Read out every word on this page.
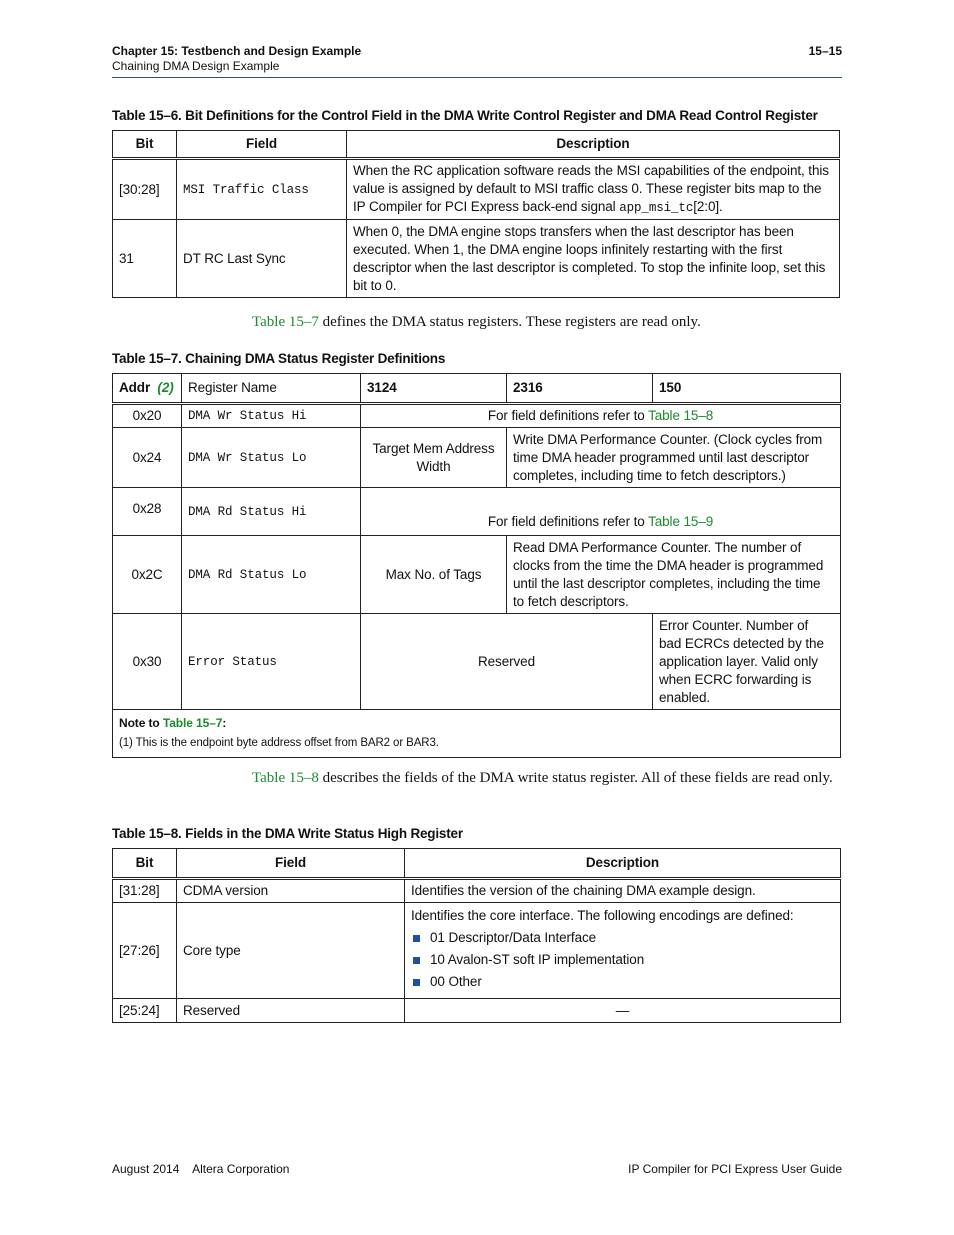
Chapter 15: Testbench and Design Example
Chaining DMA Design Example
15–15
Table 15–6. Bit Definitions for the Control Field in the DMA Write Control Register and DMA Read Control Register
Bit	Field	Description
[30:28]	MSI Traffic Class	When the RC application software reads the MSI capabilities of the endpoint, this value is assigned by default to MSI traffic class 0. These register bits map to the IP Compiler for PCI Express back-end signal app_msi_tc[2:0].
31	DT RC Last Sync	When 0, the DMA engine stops transfers when the last descriptor has been executed. When 1, the DMA engine loops infinitely restarting with the first descriptor when the last descriptor is completed. To stop the infinite loop, set this bit to 0.
Table 15–7 defines the DMA status registers. These registers are read only.
Table 15–7. Chaining DMA Status Register Definitions
Addr (2)	Register Name	3124	2316	150
0x20	DMA Wr Status Hi	For field definitions refer to Table 15–8		
0x24	DMA Wr Status Lo	Target Mem Address Width	Write DMA Performance Counter. (Clock cycles from time DMA header programmed until last descriptor completes, including time to fetch descriptors.)	
0x28	DMA Rd Status Hi	For field definitions refer to Table 15–9		
0x2C	DMA Rd Status Lo	Max No. of Tags	Read DMA Performance Counter. The number of clocks from the time the DMA header is programmed until the last descriptor completes, including the time to fetch descriptors.	
0x30	Error Status	Reserved		Error Counter. Number of bad ECRCs detected by the application layer. Valid only when ECRC forwarding is enabled.

Note to Table 15–7:
(1) This is the endpoint byte address offset from BAR2 or BAR3.				
Table 15–8 describes the fields of the DMA write status register. All of these fields are read only.
Table 15–8. Fields in the DMA Write Status High Register
Bit	Field	Description
[31:28]	CDMA version	Identifies the version of the chaining DMA example design.
[27:26]	Core type	Identifies the core interface. The following encodings are defined:
01 Descriptor/Data Interface
10 Avalon-ST soft IP implementation
00 Other

[25:24]	Reserved	—
August 2014    Altera Corporation	IP Compiler for PCI Express User Guide
